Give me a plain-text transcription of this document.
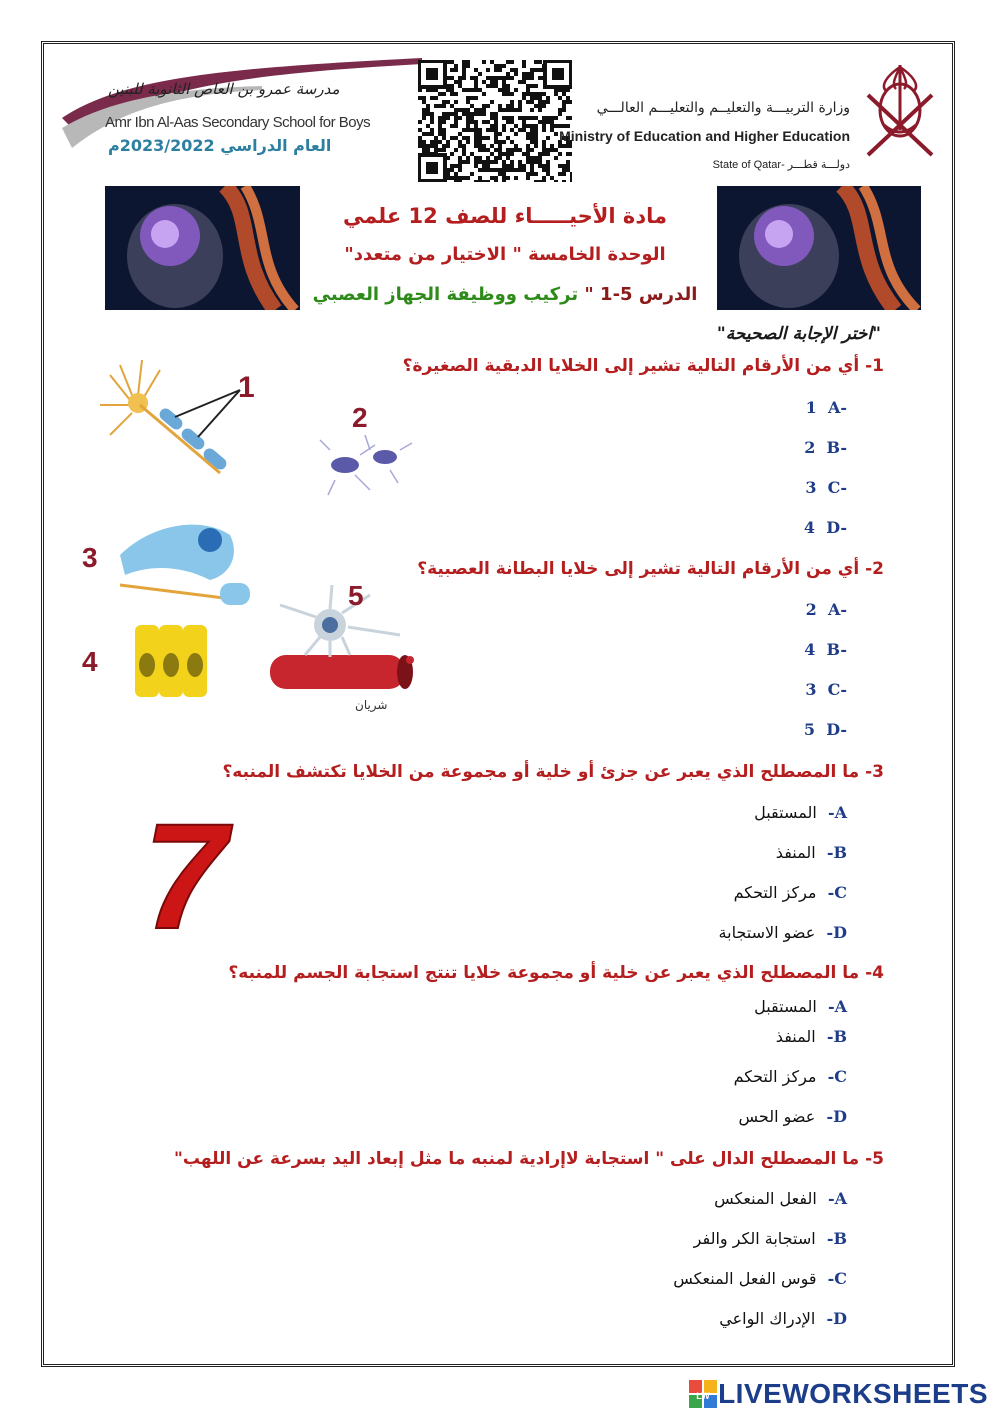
مدرسة عمرو بن العاص الثانوية للبنين
Amr Ibn Al-Aas Secondary School for Boys
العام الدراسي 2023/2022م
وزارة التربيـــة والتعليــم والتعليـــم العالـــي
Ministry of Education and Higher Education
State of Qatar- دولـــة قطـــر
مادة الأحيـــــاء للصف 12 علمي
الوحدة الخامسة " الاختيار من متعدد"
الدرس 5-1 " تركيب ووظيفة الجهاز العصبي
"اختر الإجابة الصحيحة"
1
2
3
4
5
شريان
7
1- أي من الأرقام التالية تشير إلى الخلايا الدبقية الصغيرة؟
1 A-
2 B-
3 C-
4 D-
2- أي من الأرقام التالية تشير إلى خلايا البطانة العصبية؟
2 A-
4 B-
3 C-
5 D-
3- ما المصطلح الذي يعبر عن جزئ أو خلية أو مجموعة من الخلايا تكتشف المنبه؟
A-  المستقبل
B-  المنفذ
C-  مركز التحكم
D-  عضو الاستجابة
4- ما المصطلح الذي يعبر عن خلية أو مجموعة خلايا تنتج استجابة الجسم للمنبه؟
A-  المستقبل
B-  المنفذ
C-  مركز التحكم
D-  عضو الحس
5- ما المصطلح الدال على " استجابة لاإرادية لمنبه ما مثل إبعاد اليد بسرعة عن اللهب"
A-  الفعل المنعكس
B-  استجابة الكر والفر
C-  قوس الفعل المنعكس
D-  الإدراك الواعي
LW LIVEWORKSHEETS
